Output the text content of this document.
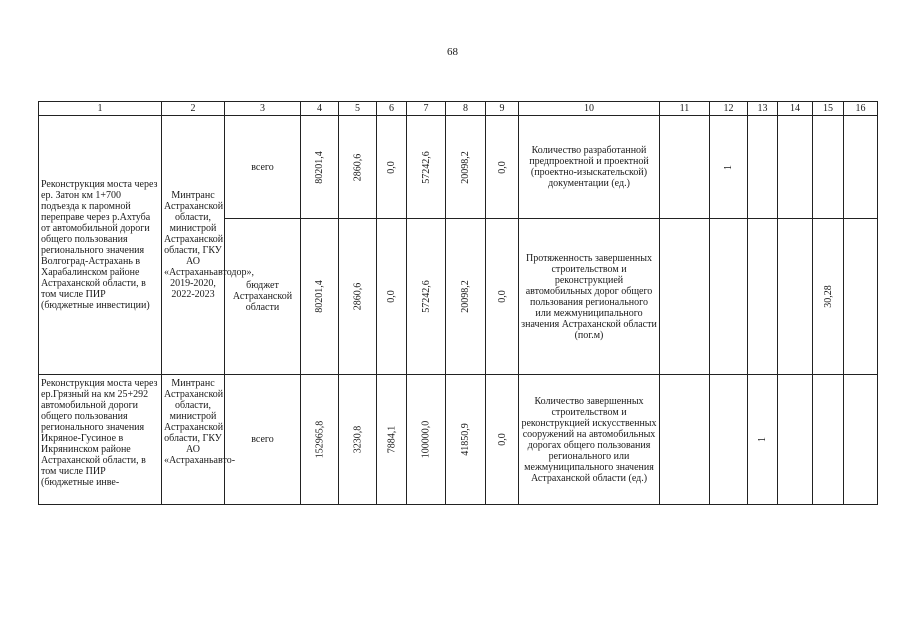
68
1	2	3	4	5	6	7	8	9	10	11	12	13	14	15	16
Реконструкция моста через ер. Затон км 1+700 подъезда к паромной переправе через р.Ахтуба от автомобильной дороги общего пользования регионального значения Волгоград-Астрахань в Харабалинском районе Астраханской области, в том числе ПИР (бюджетные инвестиции)	Минтранс Астраханской области, министрой Астраханской области, ГКУ АО «Астраханьавтодор», 2019-2020, 2022-2023	всего	80201,4	2860,6	0,0	57242,6	20098,2	0,0	Количество разработанной предпроектной и проектной (проектно-изыскательской) документации (ед.)		1				

		бюджет Астраханской области	80201,4	2860,6	0,0	57242,6	20098,2	0,0	Протяженность завершенных строительством и реконструкцией автомобильных дорог общего пользования регионального или межмуниципального значения Астраханской области (пог.м)					30,28	

Реконструкция моста через ер.Грязный на км 25+292 автомобильной дороги общего пользования регионального значения Икряное-Гусиное в Икрянинском районе Астраханской области, в том числе ПИР (бюджетные инве-	Минтранс Астраханской области, министрой Астраханской области, ГКУ АО «Астраханьавто-	всего	152965,8	3230,8	7884,1	100000,0	41850,9	0,0	Количество завершенных строительством и реконструкцией искусственных сооружений на автомобильных дорогах общего пользования регионального или межмуниципального значения Астраханской области (ед.)			1			
